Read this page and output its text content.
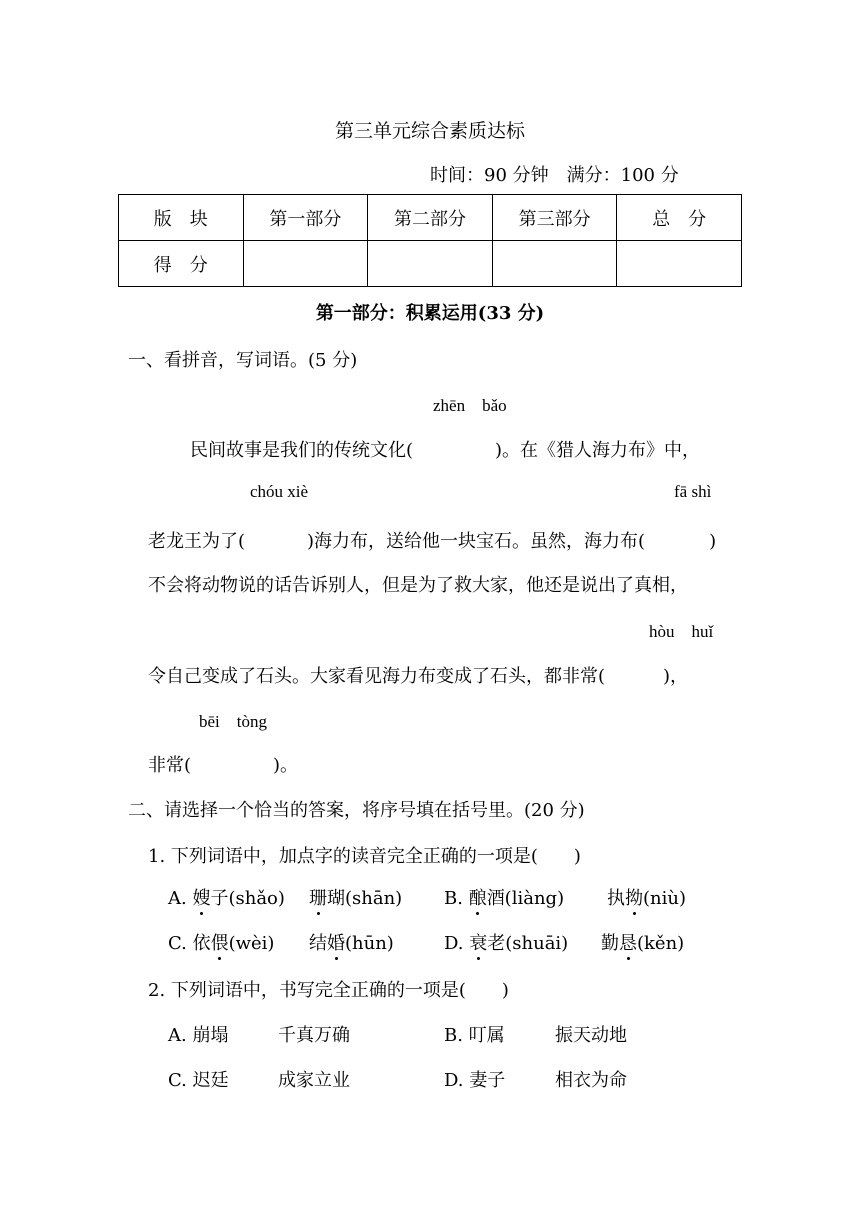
第三单元综合素质达标
时间：90 分钟　满分：100 分
版　块	第一部分	第二部分	第三部分	总　分
得　分				
第一部分：积累运用(33 分)
一、看拼音，写词语。(5 分)
zhēn　bǎo
民间故事是我们的传统文化(	)。在《猎人海力布》中，
chóu xiè	fā shì
老龙王为了(	)海力布，送给他一块宝石。虽然，海力布(	)
不会将动物说的话告诉别人，但是为了救大家，他还是说出了真相，
hòu　huǐ
令自己变成了石头。大家看见海力布变成了石头，都非常(	)，
bēi　tòng
非常(	)。
二、请选择一个恰当的答案，将序号填在括号里。(20 分)
1. 下列词语中，加点字的读音完全正确的一项是(　　)
A. 嫂子(shǎo) 珊瑚(shān) B. 酿酒(liàng) 执拗(niù)
C. 依偎(wèi) 结婚(hūn)	D. 衰老(shuāi) 勤恳(kěn)
2. 下列词语中，书写完全正确的一项是(　　)
A. 崩塌	千真万确	B. 叮属	振天动地
C. 迟廷	成家立业	D. 妻子	相衣为命
